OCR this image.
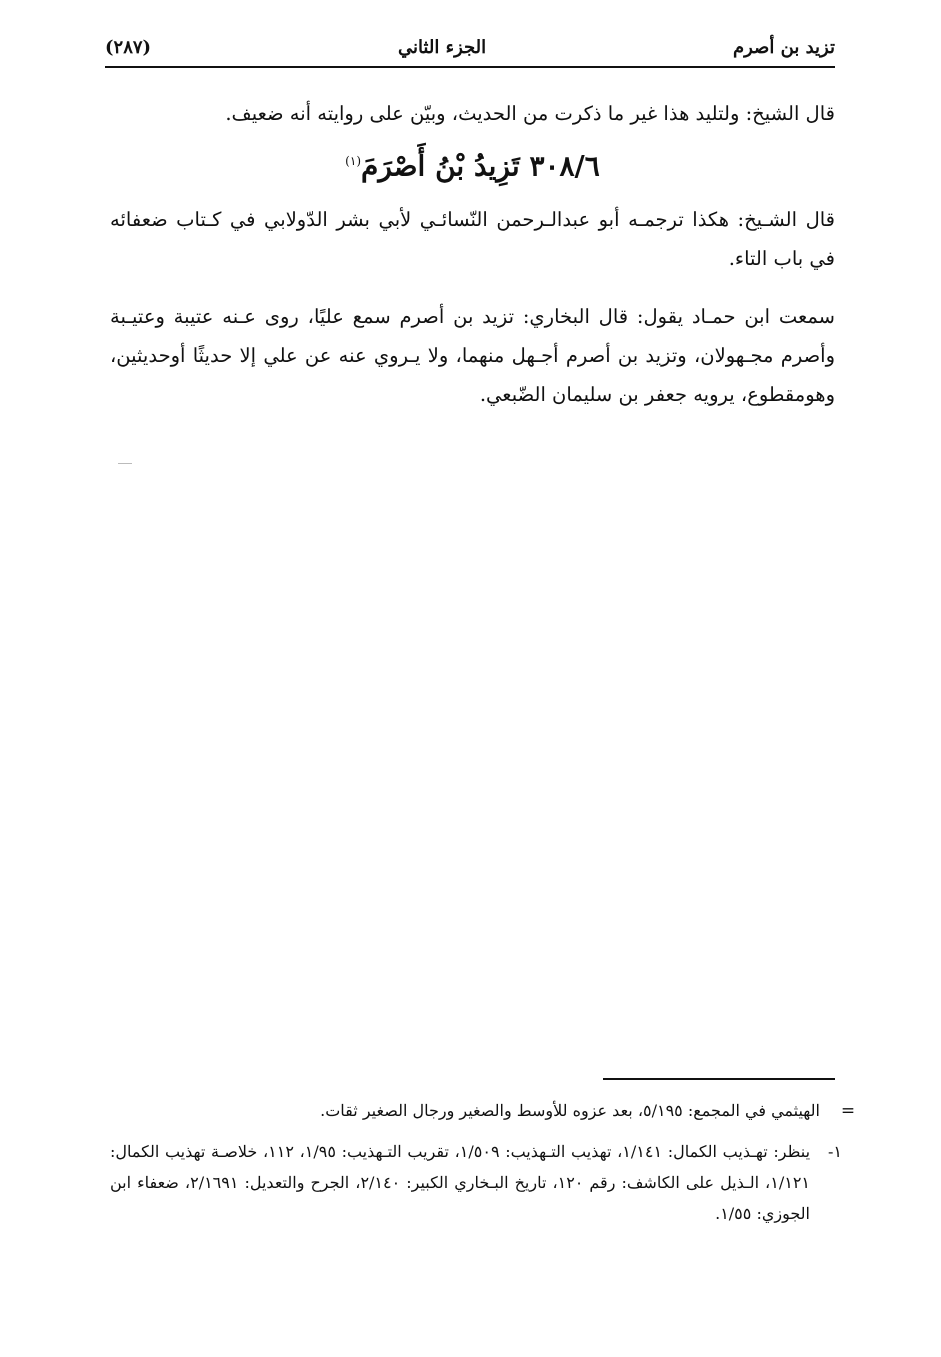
تزيد بن أصرم
الجزء الثاني
(٢٨٧)
قال الشيخ: ولتليد هذا غير ما ذكرت من الحديث، وبيّن على روايته أنه ضعيف.
٣٠٨/٦ تَزِيدُ بْنُ أَصْرَمَ$^{(١)}$
قال الشـيخ: هكذا ترجمـه أبو عبدالـرحمن النّسائـي لأبي بشر الدّولابي في كـتاب ضعفائه في باب التاء.
سمعت ابن حمـاد يقول: قال البخاري: تزيد بن أصرم سمع عليًا، روى عـنه عتيبة وعتيـبة وأصرم مجـهولان، وتزيد بن أصرم أجـهل منهما، ولا يـروي عنه عن علي إلا حديثًا أوحديثين، وهومقطوع، يرويه جعفر بن سليمان الضّبعي.
=
الهيثمي في المجمع: ٥/١٩٥، بعد عزوه للأوسط والصغير ورجال الصغير ثقات.
١-
ينظر: تهـذيب الكمال: ١/١٤١، تهذيب التـهذيب: ١/٥٠٩، تقريب التـهذيب: ١/٩٥، ١١٢، خلاصـة تهذيب الكمال: ١/١٢١، الـذيل على الكاشف: رقم ١٢٠، تاريخ البـخاري الكبير: ٢/١٤٠، الجرح والتعديل: ٢/١٦٩١، ضعفاء ابن الجوزي: ١/٥٥.
